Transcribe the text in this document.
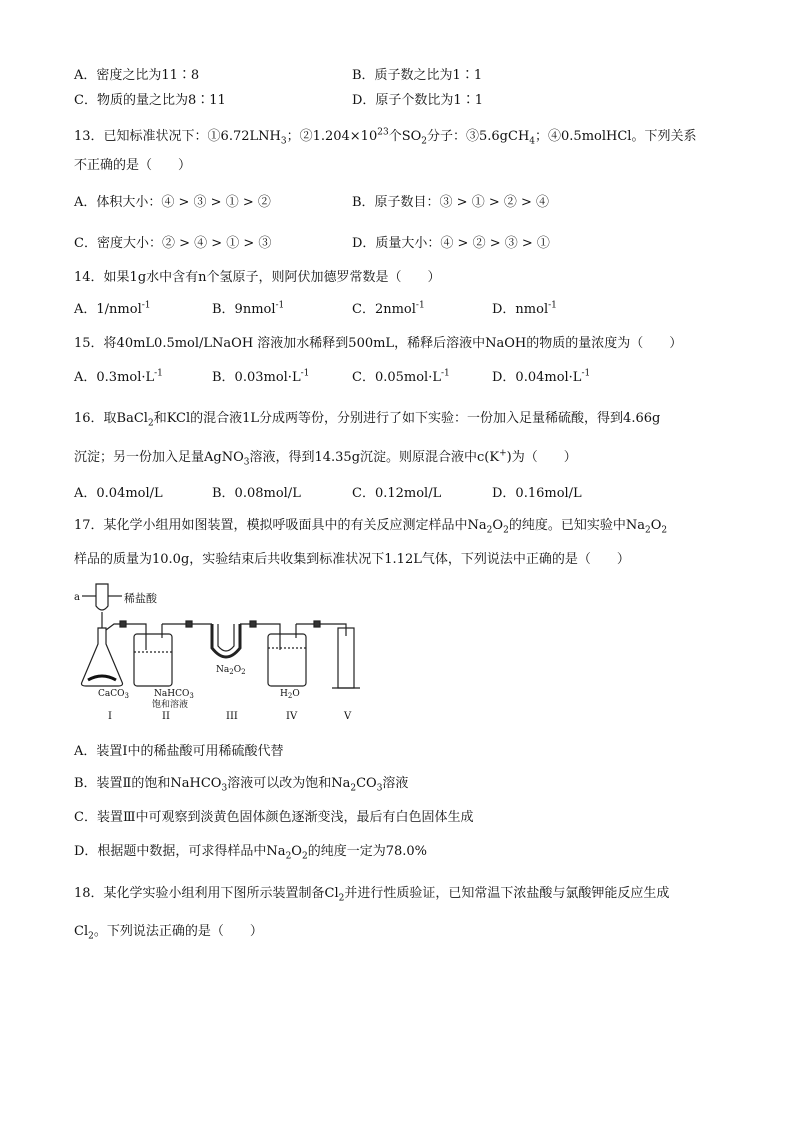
A．密度之比为11∶8	B．质子数之比为1∶1
C．物质的量之比为8∶11	D．原子个数比为1∶1
13．已知标准状况下：$①6.72LNH_3$；$②1.204\times 10^{23}$个$SO_2$分子：③5.6gCH$_4$；④0.5molHCl。下列关系
不正确的是（　　）
A．体积大小：④ > ③ > ① > ②	B．原子数目：③ > ① > ② > ④
C．密度大小：② > ④ > ① > ③	D．质量大小：④ > ② > ③ > ①
14．如果1g水中含有n个氢原子，则阿伏加德罗常数是（　　）
A．1/nmol$^{-1}$	B．9nmol$^{-1}$	C．2nmol$^{-1}$	D．nmol$^{-1}$
15．将40mL0.5mol/LNaOH 溶液加水稀释到500mL，稀释后溶液中NaOH的物质的量浓度为（　　）
A．$0.3mol\cdot L^{-1}$	B．$0.03mol\cdot L^{-1}$	C．$0.05mol\cdot L^{-1}$	D．$0.04mol\cdot L^{-1}$
16．取BaCl$_2$和KCl的混合液1L分成两等份，分别进行了如下实验：一份加入足量稀硫酸，得到4.66g
沉淀；另一份加入足量AgNO$_3$溶液，得到14.35g沉淀。则原混合液中c(K+)为（　　）
A．0.04mol/L	B．0.08mol/L	C．0.12mol/L	D．0.16mol/L
17．某化学小组用如图装置，模拟呼吸面具中的有关反应测定样品中$Na_2O_2$的纯度。已知实验中$Na_2O_2$
样品的质量为10.0g，实验结束后共收集到标准状况下1.12L气体，下列说法中正确的是（　　）
a	稀盐酸
CaCO$_3$	NaHCO$_3$
饱和溶液
$Na_2O_2$
$H_2O$
I	II	III	IV	V
A．装置Ⅰ中的稀盐酸可用稀硫酸代替
B．装置Ⅱ的饱和NaHCO$_3$溶液可以改为饱和$Na_2CO_3$溶液
C．装置Ⅲ中可观察到淡黄色固体颜色逐渐变浅，最后有白色固体生成
D．根据题中数据，可求得样品中$Na_2O_2$的纯度一定为78.0%
18．某化学实验小组利用下图所示装置制备$Cl_2$并进行性质验证，已知常温下浓盐酸与氯酸钾能反应生成
$Cl_2$。下列说法正确的是（　　）
